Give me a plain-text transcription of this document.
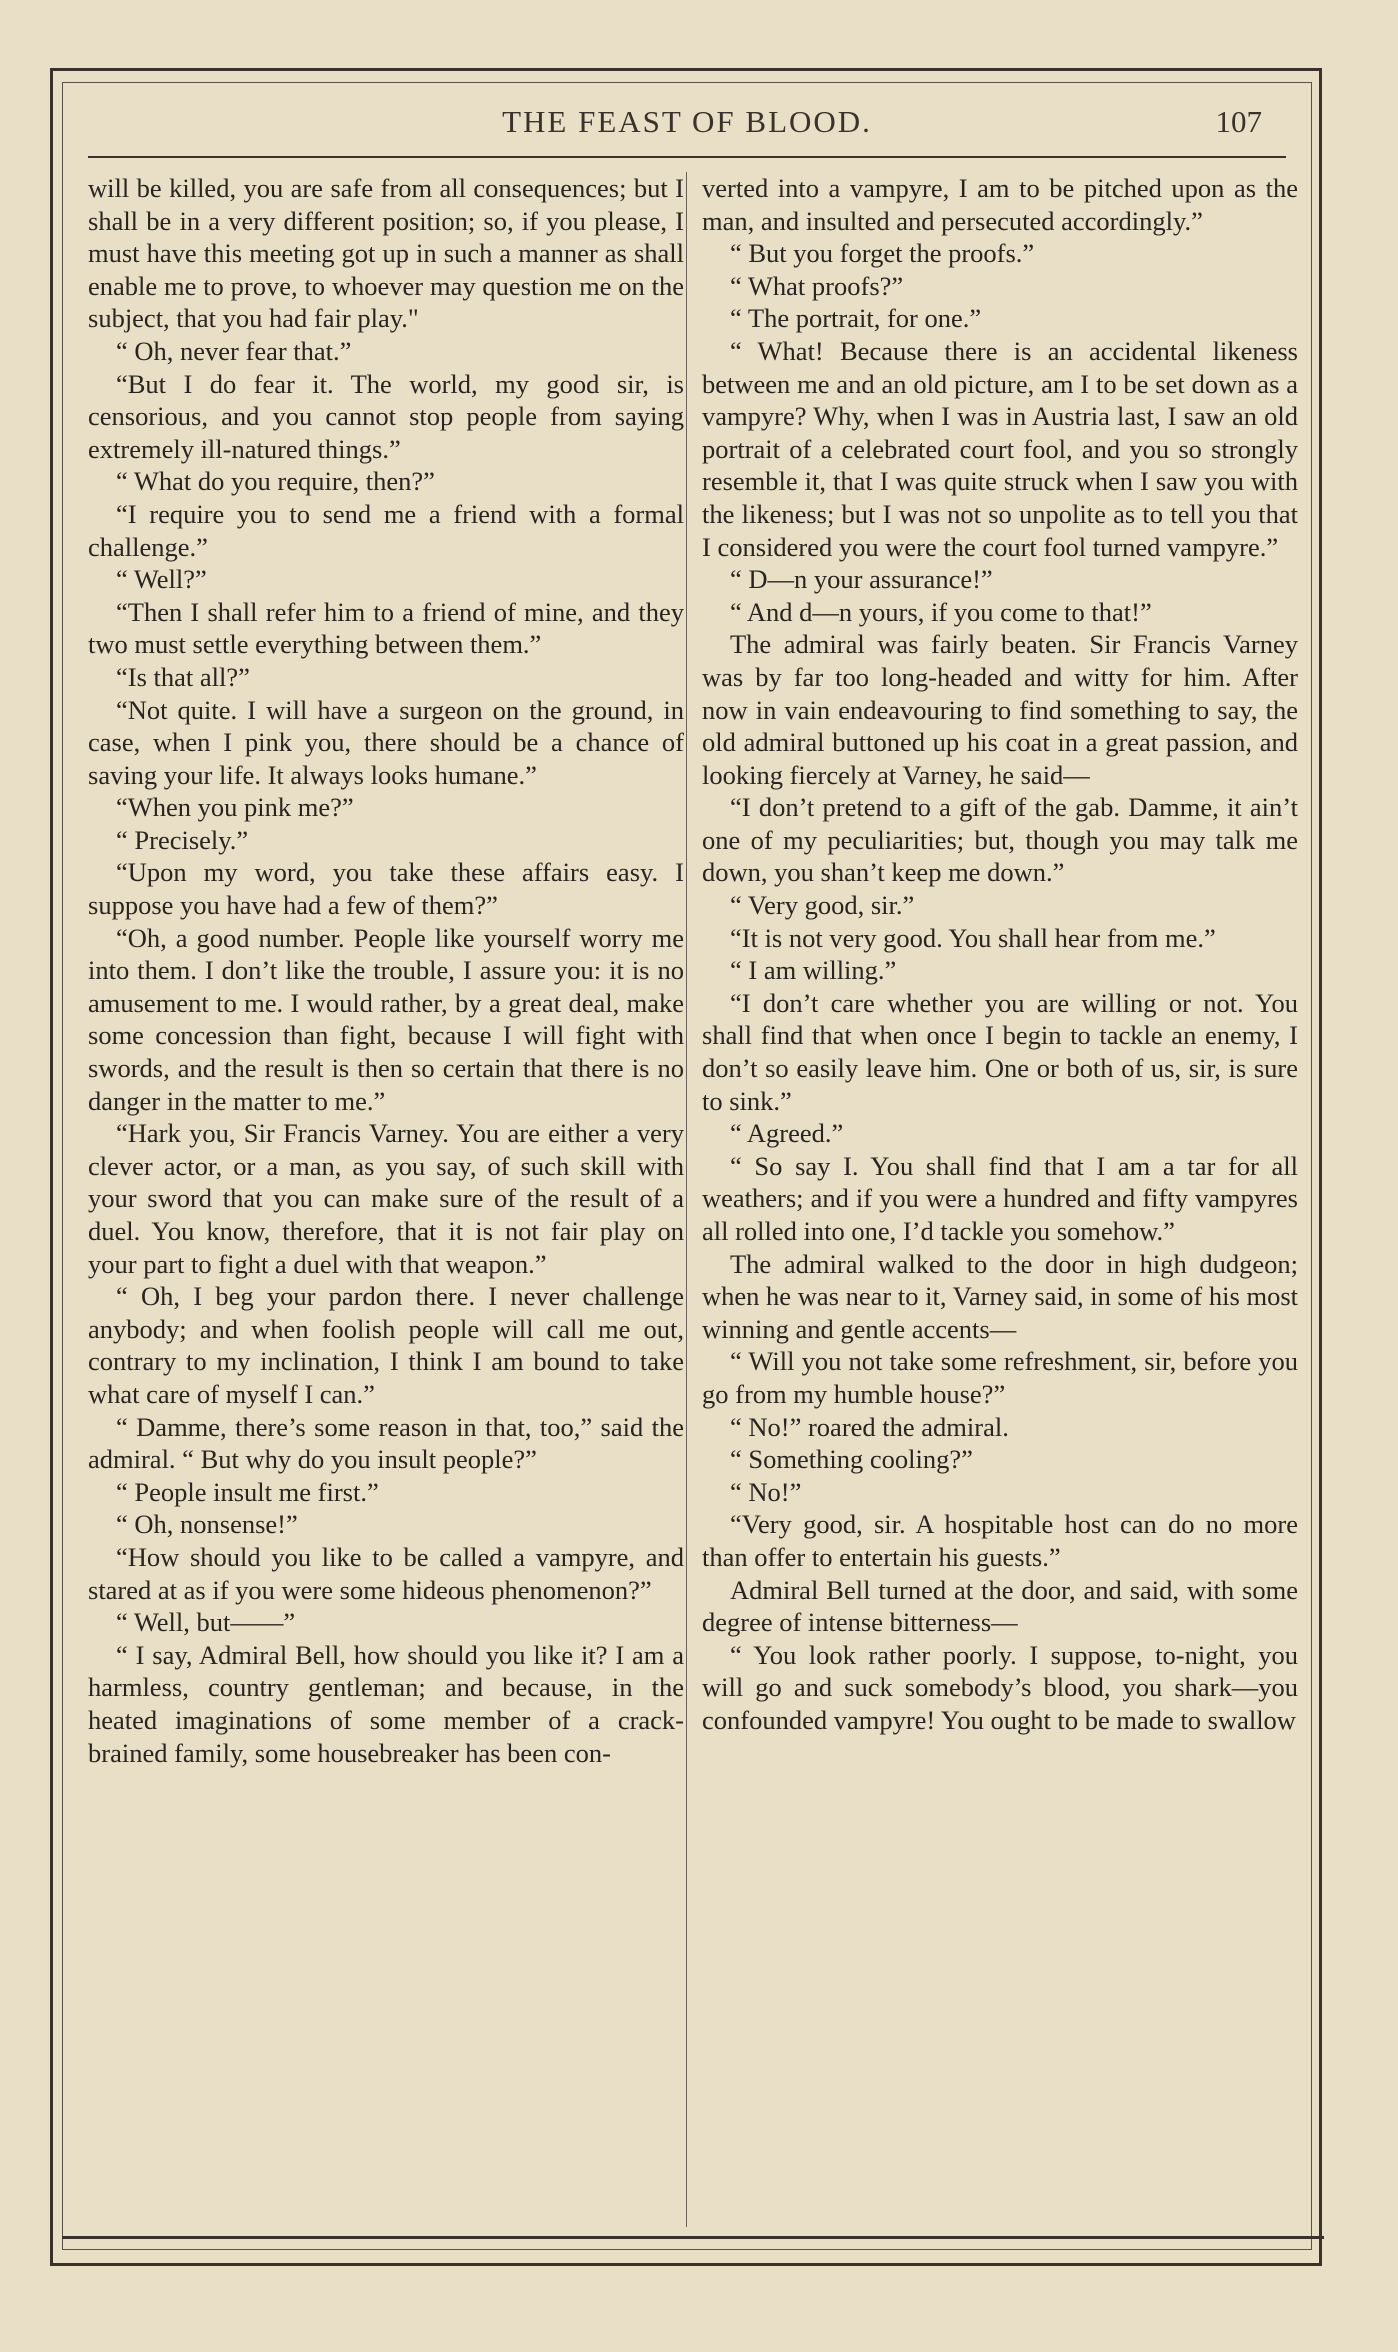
THE FEAST OF BLOOD.	107

will be killed, you are safe from all consequences; but I shall be in a very different position; so, if you please, I must have this meeting got up in such a manner as shall enable me to prove, to whoever may question me on the subject, that you had fair play."

“ Oh, never fear that.”

“But I do fear it. The world, my good sir, is censorious, and you cannot stop people from saying extremely ill-natured things.”

“ What do you require, then?”

“I require you to send me a friend with a formal challenge.”

“ Well?”

“Then I shall refer him to a friend of mine, and they two must settle everything between them.”

“Is that all?”

“Not quite. I will have a surgeon on the ground, in case, when I pink you, there should be a chance of saving your life. It always looks humane.”

“When you pink me?”

“ Precisely.”

“Upon my word, you take these affairs easy. I suppose you have had a few of them?”

“Oh, a good number. People like yourself worry me into them. I don’t like the trouble, I assure you: it is no amusement to me. I would rather, by a great deal, make some concession than fight, because I will fight with swords, and the result is then so certain that there is no danger in the matter to me.”

“Hark you, Sir Francis Varney. You are either a very clever actor, or a man, as you say, of such skill with your sword that you can make sure of the result of a duel. You know, therefore, that it is not fair play on your part to fight a duel with that weapon.”

“ Oh, I beg your pardon there. I never challenge anybody; and when foolish people will call me out, contrary to my inclination, I think I am bound to take what care of myself I can.”

“ Damme, there’s some reason in that, too,” said the admiral. “ But why do you insult people?”

“ People insult me first.”

“ Oh, nonsense!”

“How should you like to be called a vampyre, and stared at as if you were some hideous phenomenon?”

“ Well, but——”

“ I say, Admiral Bell, how should you like it? I am a harmless, country gentleman; and because, in the heated imaginations of some member of a crack-brained family, some housebreaker has been con-

verted into a vampyre, I am to be pitched upon as the man, and insulted and persecuted accordingly.”

“ But you forget the proofs.”

“ What proofs?”

“ The portrait, for one.”

“ What! Because there is an accidental likeness between me and an old picture, am I to be set down as a vampyre? Why, when I was in Austria last, I saw an old portrait of a celebrated court fool, and you so strongly resemble it, that I was quite struck when I saw you with the likeness; but I was not so unpolite as to tell you that I considered you were the court fool turned vampyre.”

“ D—n your assurance!”

“ And d—n yours, if you come to that!”

The admiral was fairly beaten. Sir Francis Varney was by far too long-headed and witty for him. After now in vain endeavouring to find something to say, the old admiral buttoned up his coat in a great passion, and looking fiercely at Varney, he said—

“I don’t pretend to a gift of the gab. Damme, it ain’t one of my peculiarities; but, though you may talk me down, you shan’t keep me down.”

“ Very good, sir.”

“It is not very good. You shall hear from me.”

“ I am willing.”

“I don’t care whether you are willing or not. You shall find that when once I begin to tackle an enemy, I don’t so easily leave him. One or both of us, sir, is sure to sink.”

“ Agreed.”

“ So say I. You shall find that I am a tar for all weathers; and if you were a hundred and fifty vampyres all rolled into one, I’d tackle you somehow.”

The admiral walked to the door in high dudgeon; when he was near to it, Varney said, in some of his most winning and gentle accents—

“ Will you not take some refreshment, sir, before you go from my humble house?”

“ No!” roared the admiral.

“ Something cooling?”

“ No!”

“Very good, sir. A hospitable host can do no more than offer to entertain his guests.”

Admiral Bell turned at the door, and said, with some degree of intense bitterness—

“ You look rather poorly. I suppose, to-night, you will go and suck somebody’s blood, you shark—you confounded vampyre! You ought to be made to swallow
